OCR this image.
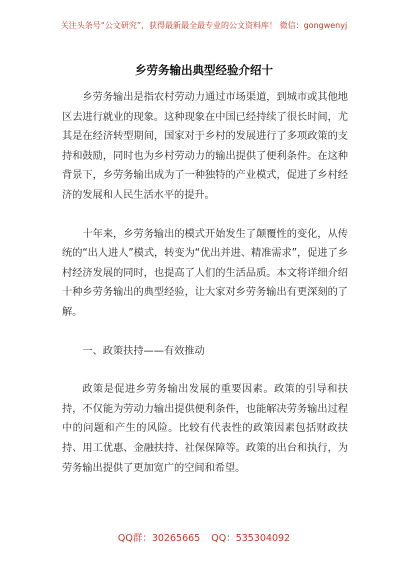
关注头条号“公文研究”，获得最新最全最专业的公文资料库！ 微信：gongwenyj
乡劳务输出典型经验介绍十

乡劳务输出是指农村劳动力通过市场渠道，到城市或其他地区去进行就业的现象。这种现象在中国已经持续了很长时间，尤其是在经济转型期间，国家对于乡村的发展进行了多项政策的支持和鼓励，同时也为乡村劳动力的输出提供了便利条件。在这种背景下，乡劳务输出成为了一种独特的产业模式，促进了乡村经济的发展和人民生活水平的提升。

十年来，乡劳务输出的模式开始发生了颠覆性的变化，从传统的“出人进人”模式，转变为“优出并进、精准需求”，促进了乡村经济发展的同时，也提高了人们的生活品质。本文将详细介绍十种乡劳务输出的典型经验，让大家对乡劳务输出有更深刻的了解。

一、政策扶持——有效推动

政策是促进乡劳务输出发展的重要因素。政策的引导和扶持，不仅能为劳动力输出提供便利条件，也能解决劳务输出过程中的问题和产生的风险。比较有代表性的政策因素包括财政扶持、用工优惠、金融扶持、社保保障等。政策的出台和执行，为劳务输出提供了更加宽广的空间和希望。

QQ群：30265665 QQ：535304092
